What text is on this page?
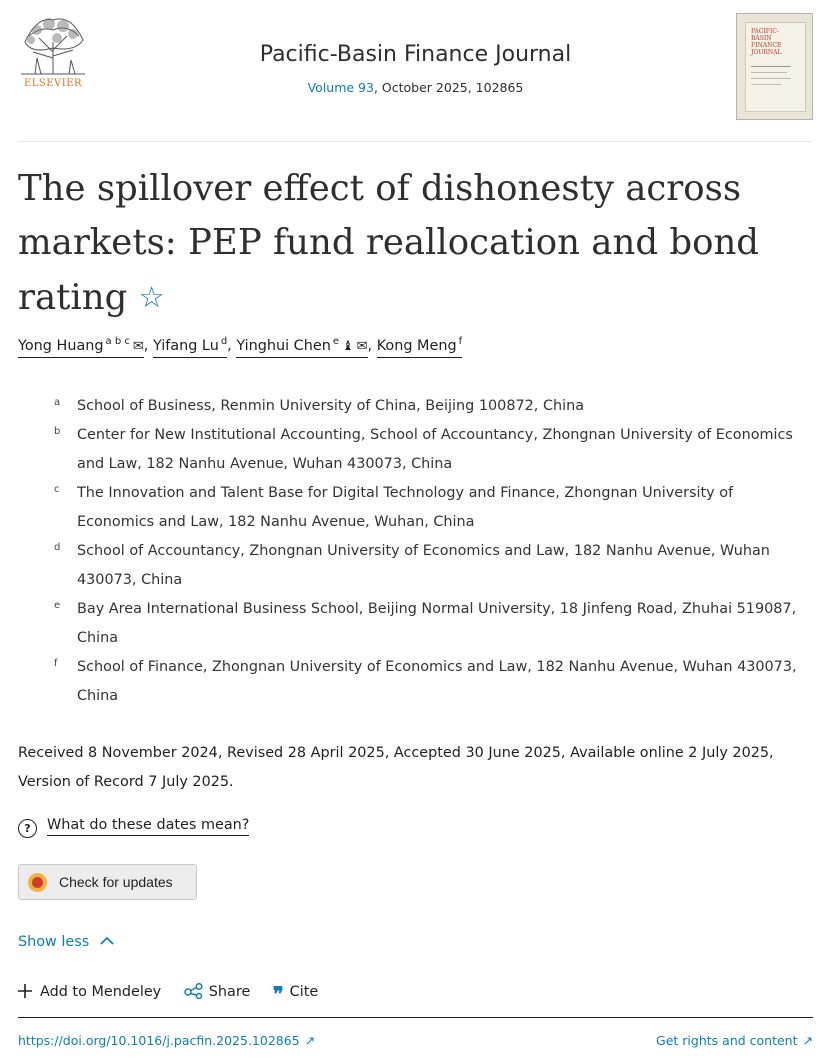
ELSEVIER
Pacific-Basin Finance Journal
Volume 93, October 2025, 102865
PACIFIC-
BASIN
FINANCE
JOURNAL
The spillover effect of dishonesty across markets: PEP fund reallocation and bond rating ☆
Yong Huang $^{a b c}$ ✉, Yifang Lu $^d$, Yinghui Chen $^e$ ♝ ✉, Kong Meng $^f$
a School of Business, Renmin University of China, Beijing 100872, China
b Center for New Institutional Accounting, School of Accountancy, Zhongnan University of Economics and Law, 182 Nanhu Avenue, Wuhan 430073, China
c The Innovation and Talent Base for Digital Technology and Finance, Zhongnan University of Economics and Law, 182 Nanhu Avenue, Wuhan, China
d School of Accountancy, Zhongnan University of Economics and Law, 182 Nanhu Avenue, Wuhan 430073, China
e Bay Area International Business School, Beijing Normal University, 18 Jinfeng Road, Zhuhai 519087, China
f School of Finance, Zhongnan University of Economics and Law, 182 Nanhu Avenue, Wuhan 430073, China
Received 8 November 2024, Revised 28 April 2025, Accepted 30 June 2025, Available online 2 July 2025, Version of Record 7 July 2025.
? What do these dates mean?
Check for updates
Show less
Add to Mendeley	Share ❞ Cite
https://doi.org/10.1016/j.pacfin.2025.102865 ↗	Get rights and content ↗
